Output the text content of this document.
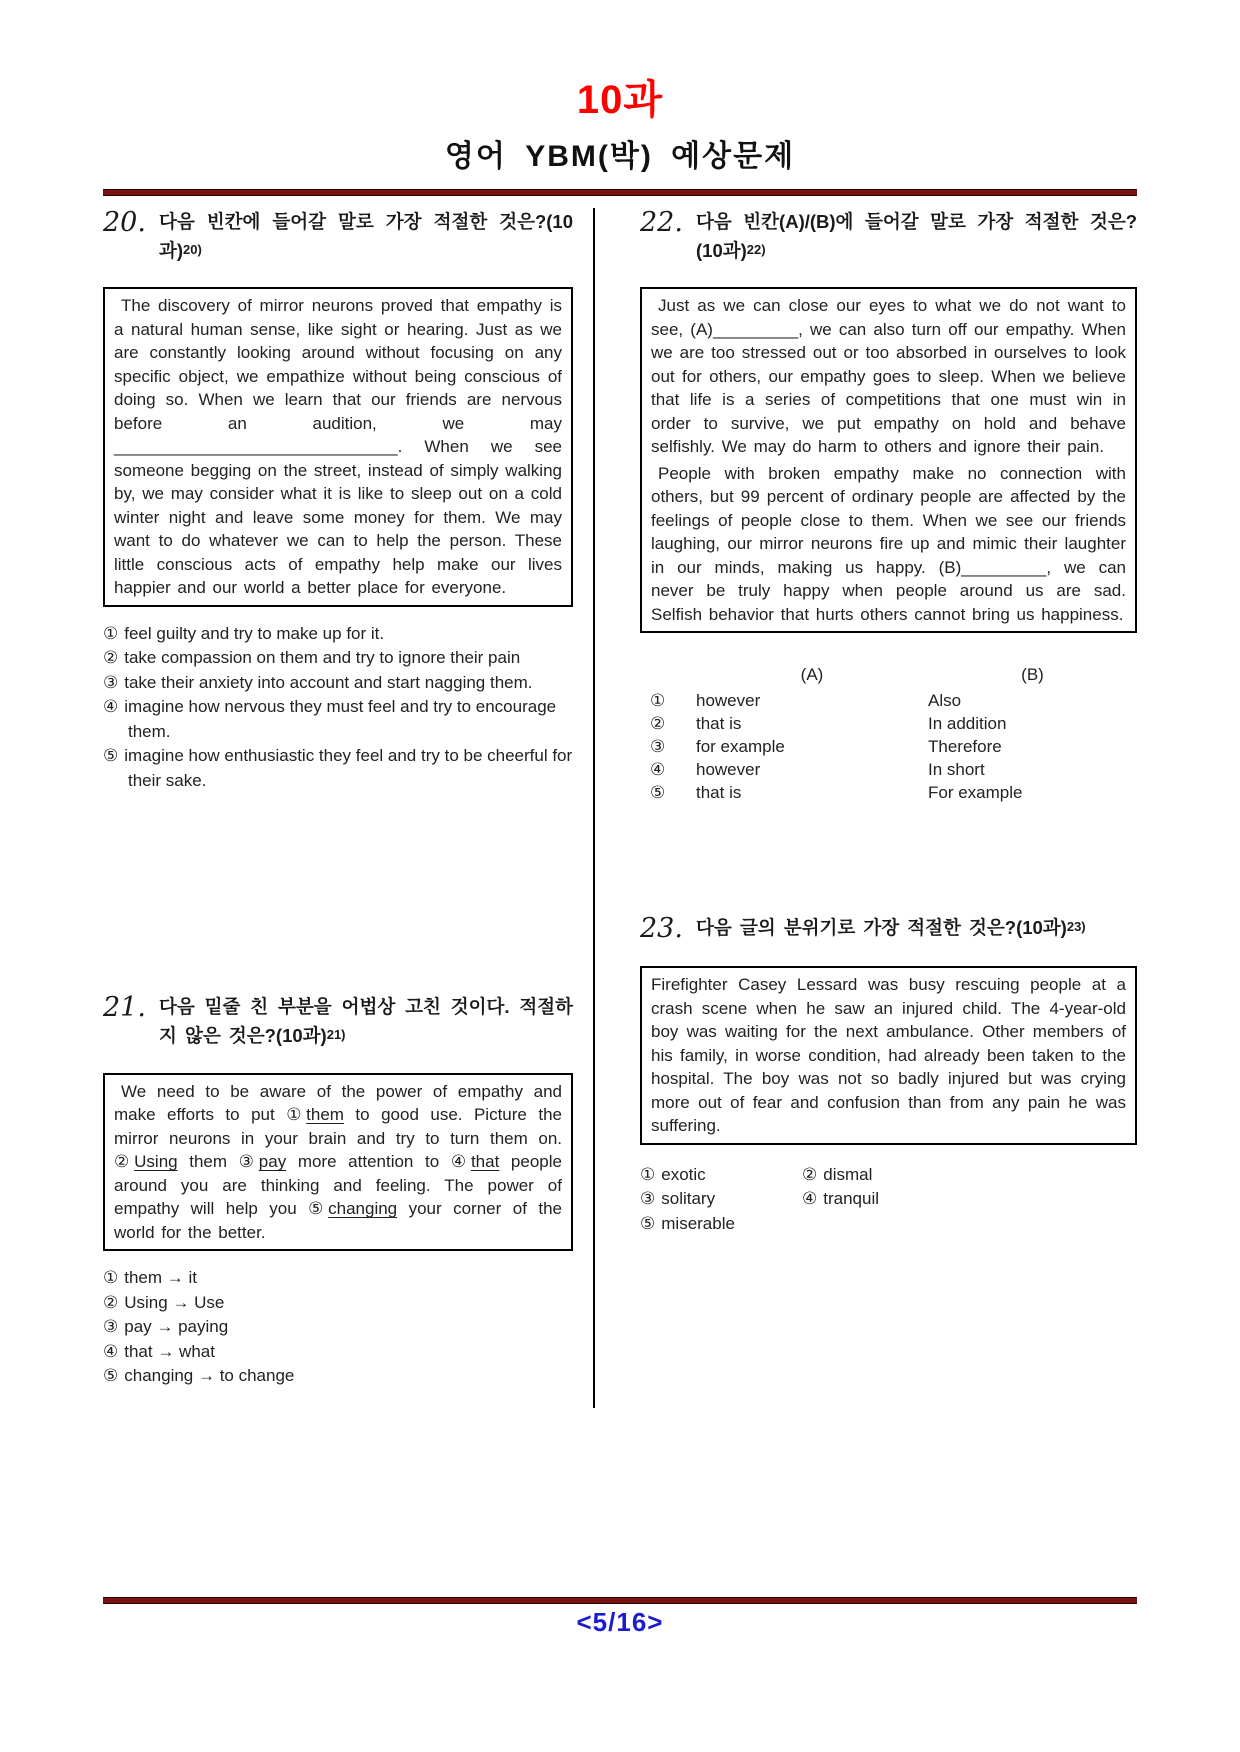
10과
영어 YBM(박) 예상문제
20. 다음 빈칸에 들어갈 말로 가장 적절한 것은?(10과)20)

The discovery of mirror neurons proved that empathy is a natural human sense, like sight or hearing. Just as we are constantly looking around without focusing on any specific object, we empathize without being conscious of doing so. When we learn that our friends are nervous before an audition, we may ______________________________. When we see someone begging on the street, instead of simply walking by, we may consider what it is like to sleep out on a cold winter night and leave some money for them. We may want to do whatever we can to help the person. These little conscious acts of empathy help make our lives happier and our world a better place for everyone.

① feel guilty and try to make up for it.
② take compassion on them and try to ignore their pain
③ take their anxiety into account and start nagging them.
④ imagine how nervous they must feel and try to encourage them.
⑤ imagine how enthusiastic they feel and try to be cheerful for their sake.
21. 다음 밑줄 친 부분을 어법상 고친 것이다. 적절하지 않은 것은?(10과)21)

We need to be aware of the power of empathy and make efforts to put ①them to good use. Picture the mirror neurons in your brain and try to turn them on. ②Using them ③pay more attention to ④that people around you are thinking and feeling. The power of empathy will help you ⑤changing your corner of the world for the better.

① them → it
② Using → Use
③ pay → paying
④ that → what
⑤ changing → to change
22. 다음 빈칸(A)/(B)에 들어갈 말로 가장 적절한 것은?(10과)22)

Just as we can close our eyes to what we do not want to see, (A)_________, we can also turn off our empathy. When we are too stressed out or too absorbed in ourselves to look out for others, our empathy goes to sleep. When we believe that life is a series of competitions that one must win in order to survive, we put empathy on hold and behave selfishly. We may do harm to others and ignore their pain.

People with broken empathy make no connection with others, but 99 percent of ordinary people are affected by the feelings of people close to them. When we see our friends laughing, our mirror neurons fire up and mimic their laughter in our minds, making us happy. (B)_________, we can never be truly happy when people around us are sad. Selfish behavior that hurts others cannot bring us happiness.

(A)	(B)
①	however	Also
②	that is	In addition
③	for example	Therefore
④	however	In short
⑤	that is	For example
23. 다음 글의 분위기로 가장 적절한 것은?(10과)23)

Firefighter Casey Lessard was busy rescuing people at a crash scene when he saw an injured child. The 4-year-old boy was waiting for the next ambulance. Other members of his family, in worse condition, had already been taken to the hospital. The boy was not so badly injured but was crying more out of fear and confusion than from any pain he was suffering.

① exotic	② dismal
③ solitary	④ tranquil
⑤ miserable
<5/16>
